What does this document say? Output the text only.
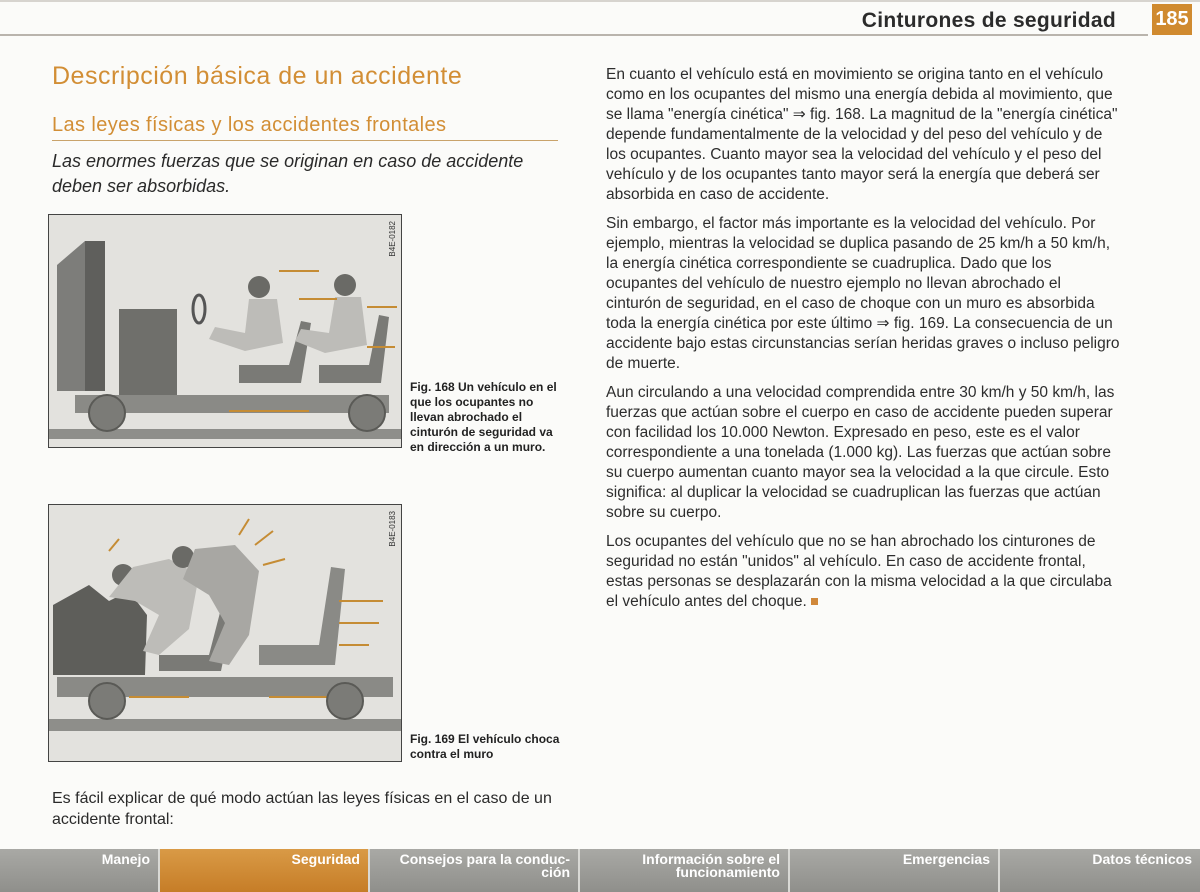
Cinturones de seguridad 185
Descripción básica de un accidente
Las leyes físicas y los accidentes frontales
Las enormes fuerzas que se originan en caso de accidente deben ser absorbidas.
B4E-0182
Fig. 168 Un vehículo en el que los ocupantes no llevan abrochado el cinturón de seguridad va en dirección a un muro.
B4E-0183
Fig. 169 El vehículo choca contra el muro
Es fácil explicar de qué modo actúan las leyes físicas en el caso de un accidente frontal:

En cuanto el vehículo está en movimiento se origina tanto en el vehículo como en los ocupantes del mismo una energía debida al movimiento, que se llama "energía cinética" ⇒ fig. 168. La magnitud de la "energía cinética" depende fundamentalmente de la velocidad y del peso del vehículo y de los ocupantes. Cuanto mayor sea la velocidad del vehículo y el peso del vehículo y de los ocupantes tanto mayor será la energía que deberá ser absorbida en caso de accidente.

Sin embargo, el factor más importante es la velocidad del vehículo. Por ejemplo, mientras la velocidad se duplica pasando de 25 km/h a 50 km/h, la energía cinética correspondiente se cuadruplica. Dado que los ocupantes del vehículo de nuestro ejemplo no llevan abrochado el cinturón de seguridad, en el caso de choque con un muro es absorbida toda la energía cinética por este último ⇒ fig. 169. La consecuencia de un accidente bajo estas circunstancias serían heridas graves o incluso peligro de muerte.

Aun circulando a una velocidad comprendida entre 30 km/h y 50 km/h, las fuerzas que actúan sobre el cuerpo en caso de accidente pueden superar con facilidad los 10.000 Newton. Expresado en peso, este es el valor correspondiente a una tonelada (1.000 kg). Las fuerzas que actúan sobre su cuerpo aumentan cuanto mayor sea la velocidad a la que circule. Esto significa: al duplicar la velocidad se cuadruplican las fuerzas que actúan sobre su cuerpo.

Los ocupantes del vehículo que no se han abrochado los cinturones de seguridad no están "unidos" al vehículo. En caso de accidente frontal, estas personas se desplazarán con la misma velocidad a la que circulaba el vehículo antes del choque.

Manejo	Seguridad	Consejos para la conduc-
ción
Información sobre el
funcionamiento
Emergencias	Datos técnicos
